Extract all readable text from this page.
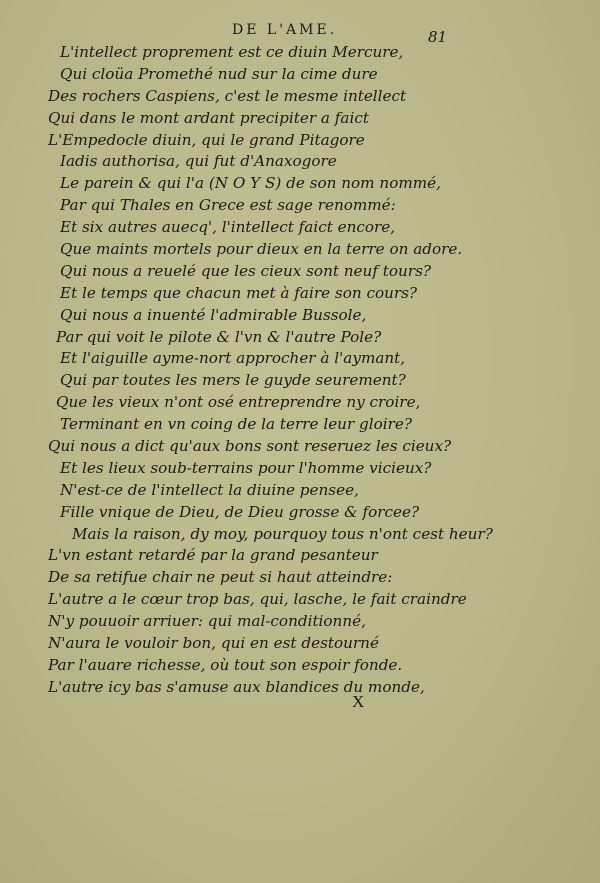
DE L'AME.	81
L'intellect proprement est ce diuin Mercure,
Qui cloüa Promethé nud sur la cime dure
Des rochers Caspiens, c'est le mesme intellect
Qui dans le mont ardant precipiter a faict
L'Empedocle diuin, qui le grand Pitagore
Iadis authorisa, qui fut d'Anaxogore
Le parein & qui l'a (N O Y S) de son nom nommé,
Par qui Thales en Grece est sage renommé:
Et six autres auecq', l'intellect faict encore,
Que maints mortels pour dieux en la terre on adore.
Qui nous a reuelé que les cieux sont neuf tours?
Et le temps que chacun met à faire son cours?
Qui nous a inuenté l'admirable Bussole,
Par qui voit le pilote & l'vn & l'autre Pole?
Et l'aiguille ayme-nort approcher à l'aymant,
Qui par toutes les mers le guyde seurement?
Que les vieux n'ont osé entreprendre ny croire,
Terminant en vn coing de la terre leur gloire?
Qui nous a dict qu'aux bons sont reseruez les cieux?
Et les lieux soub-terrains pour l'homme vicieux?
N'est-ce de l'intellect la diuine pensee,
Fille vnique de Dieu, de Dieu grosse & forcee?
Mais la raison, dy moy, pourquoy tous n'ont cest heur?
L'vn estant retardé par la grand pesanteur
De sa retifue chair ne peut si haut atteindre:
L'autre a le cœur trop bas, qui, lasche, le fait craindre
N'y pouuoir arriuer: qui mal-conditionné,
N'aura le vouloir bon, qui en est destourné
Par l'auare richesse, où tout son espoir fonde.
L'autre icy bas s'amuse aux blandices du monde,
X
